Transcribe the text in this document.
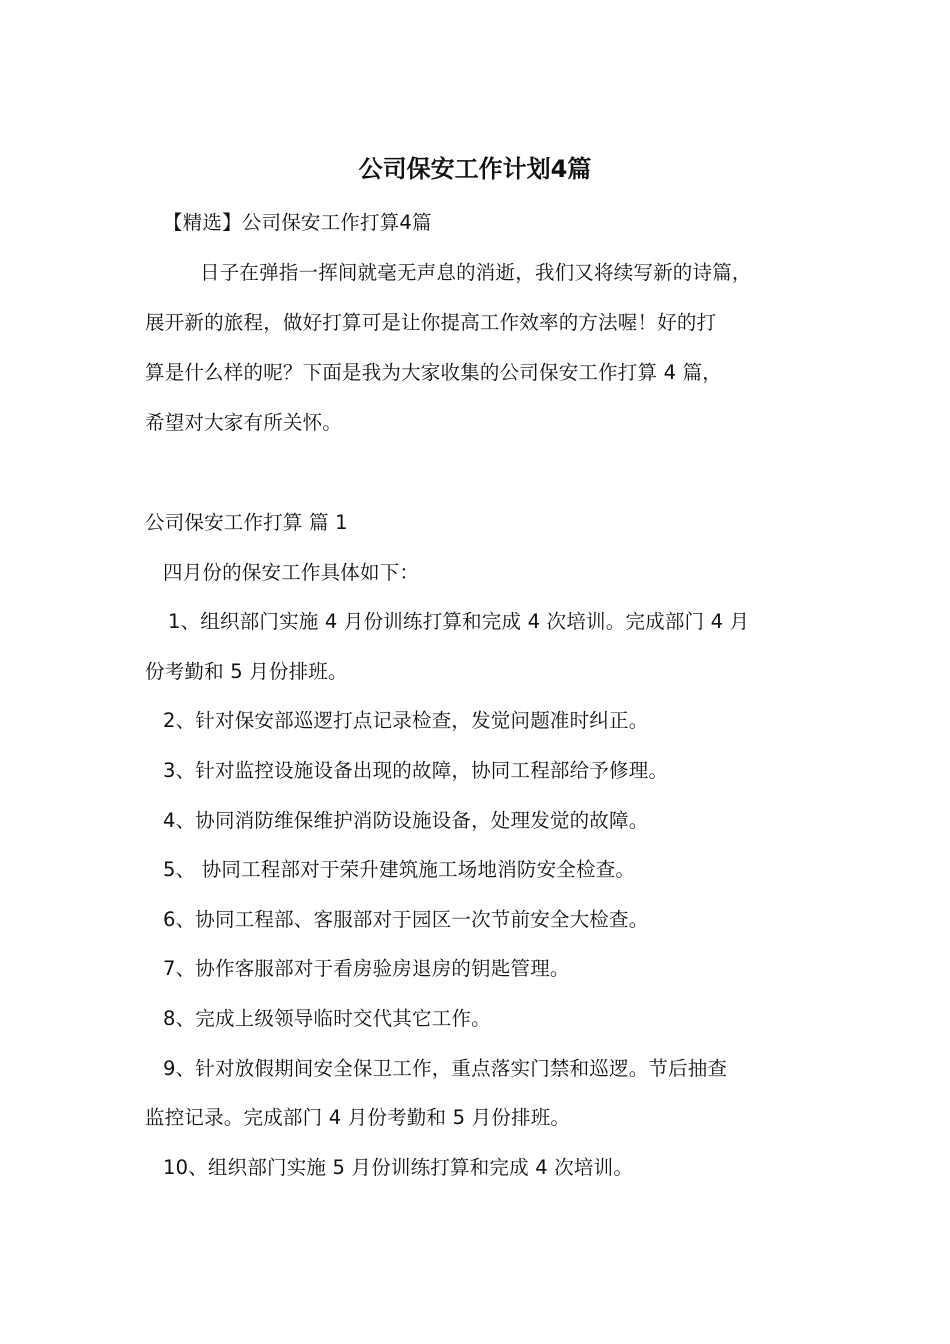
公司保安工作计划4篇
【精选】公司保安工作打算4篇
日子在弹指一挥间就毫无声息的消逝，我们又将续写新的诗篇，
展开新的旅程，做好打算可是让你提高工作效率的方法喔！好的打
算是什么样的呢？下面是我为大家收集的公司保安工作打算 4 篇，
希望对大家有所关怀。
公司保安工作打算 篇 1
四月份的保安工作具体如下：
1、组织部门实施 4 月份训练打算和完成 4 次培训。完成部门 4 月
份考勤和 5 月份排班。
2、针对保安部巡逻打点记录检查，发觉问题准时纠正。
3、针对监控设施设备出现的故障，协同工程部给予修理。
4、协同消防维保维护消防设施设备，处理发觉的故障。
5、 协同工程部对于荣升建筑施工场地消防安全检查。
6、协同工程部、客服部对于园区一次节前安全大检查。
7、协作客服部对于看房验房退房的钥匙管理。
8、完成上级领导临时交代其它工作。
9、针对放假期间安全保卫工作，重点落实门禁和巡逻。节后抽查
监控记录。完成部门 4 月份考勤和 5 月份排班。
10、组织部门实施 5 月份训练打算和完成 4 次培训。
